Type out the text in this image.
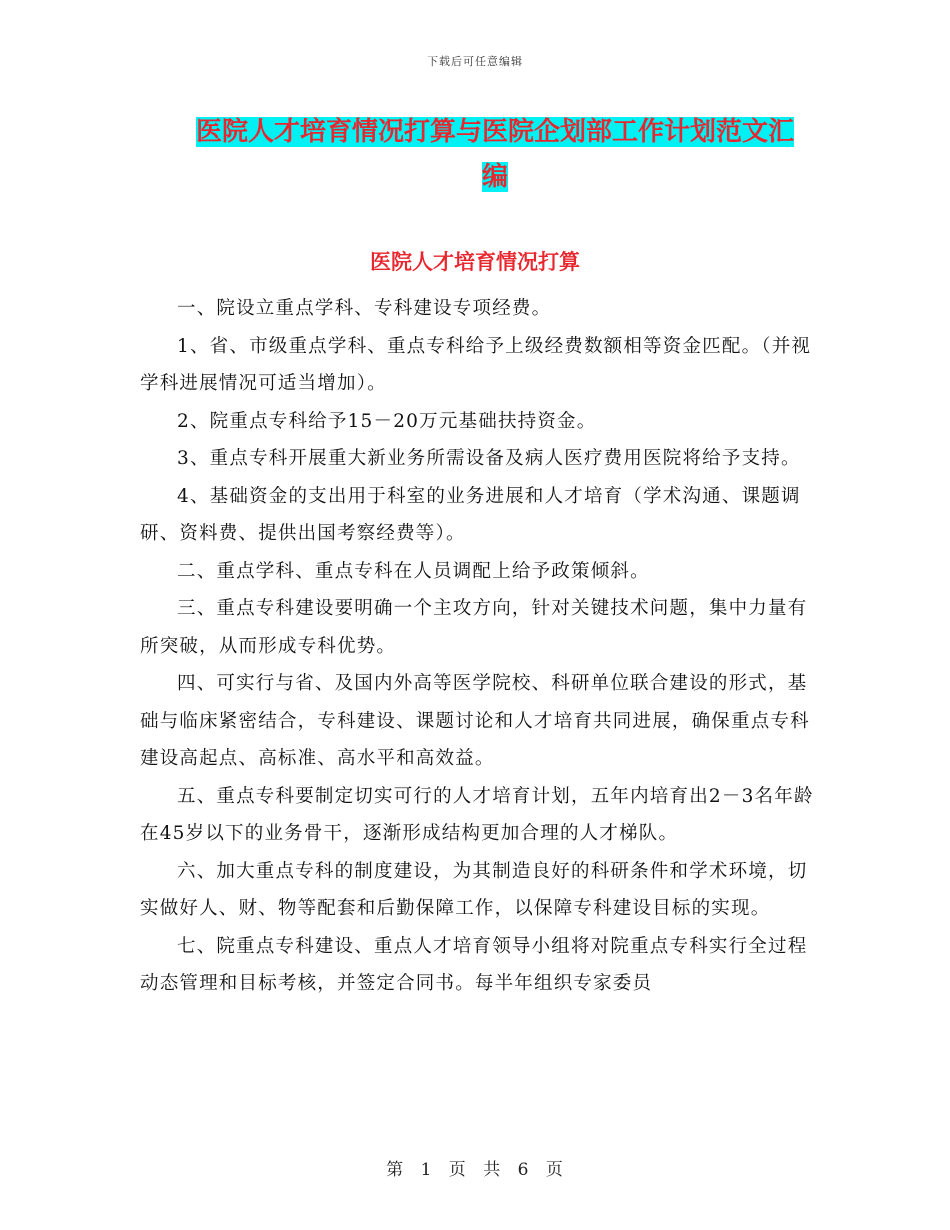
下载后可任意编辑
医院人才培育情况打算与医院企划部工作计划范文汇
编
医院人才培育情况打算

一、院设立重点学科、专科建设专项经费。

1、省、市级重点学科、重点专科给予上级经费数额相等资金匹配。（并视学科进展情况可适当增加）。

2、院重点专科给予15－20万元基础扶持资金。

3、重点专科开展重大新业务所需设备及病人医疗费用医院将给予支持。

4、基础资金的支出用于科室的业务进展和人才培育（学术沟通、课题调研、资料费、提供出国考察经费等）。

二、重点学科、重点专科在人员调配上给予政策倾斜。

三、重点专科建设要明确一个主攻方向，针对关键技术问题，集中力量有所突破，从而形成专科优势。

四、可实行与省、及国内外高等医学院校、科研单位联合建设的形式，基础与临床紧密结合，专科建设、课题讨论和人才培育共同进展，确保重点专科建设高起点、高标准、高水平和高效益。

五、重点专科要制定切实可行的人才培育计划，五年内培育出2－3名年龄在45岁以下的业务骨干，逐渐形成结构更加合理的人才梯队。

六、加大重点专科的制度建设，为其制造良好的科研条件和学术环境，切实做好人、财、物等配套和后勤保障工作，以保障专科建设目标的实现。

七、院重点专科建设、重点人才培育领导小组将对院重点专科实行全过程动态管理和目标考核，并签定合同书。每半年组织专家委员

第 1 页 共 6 页
